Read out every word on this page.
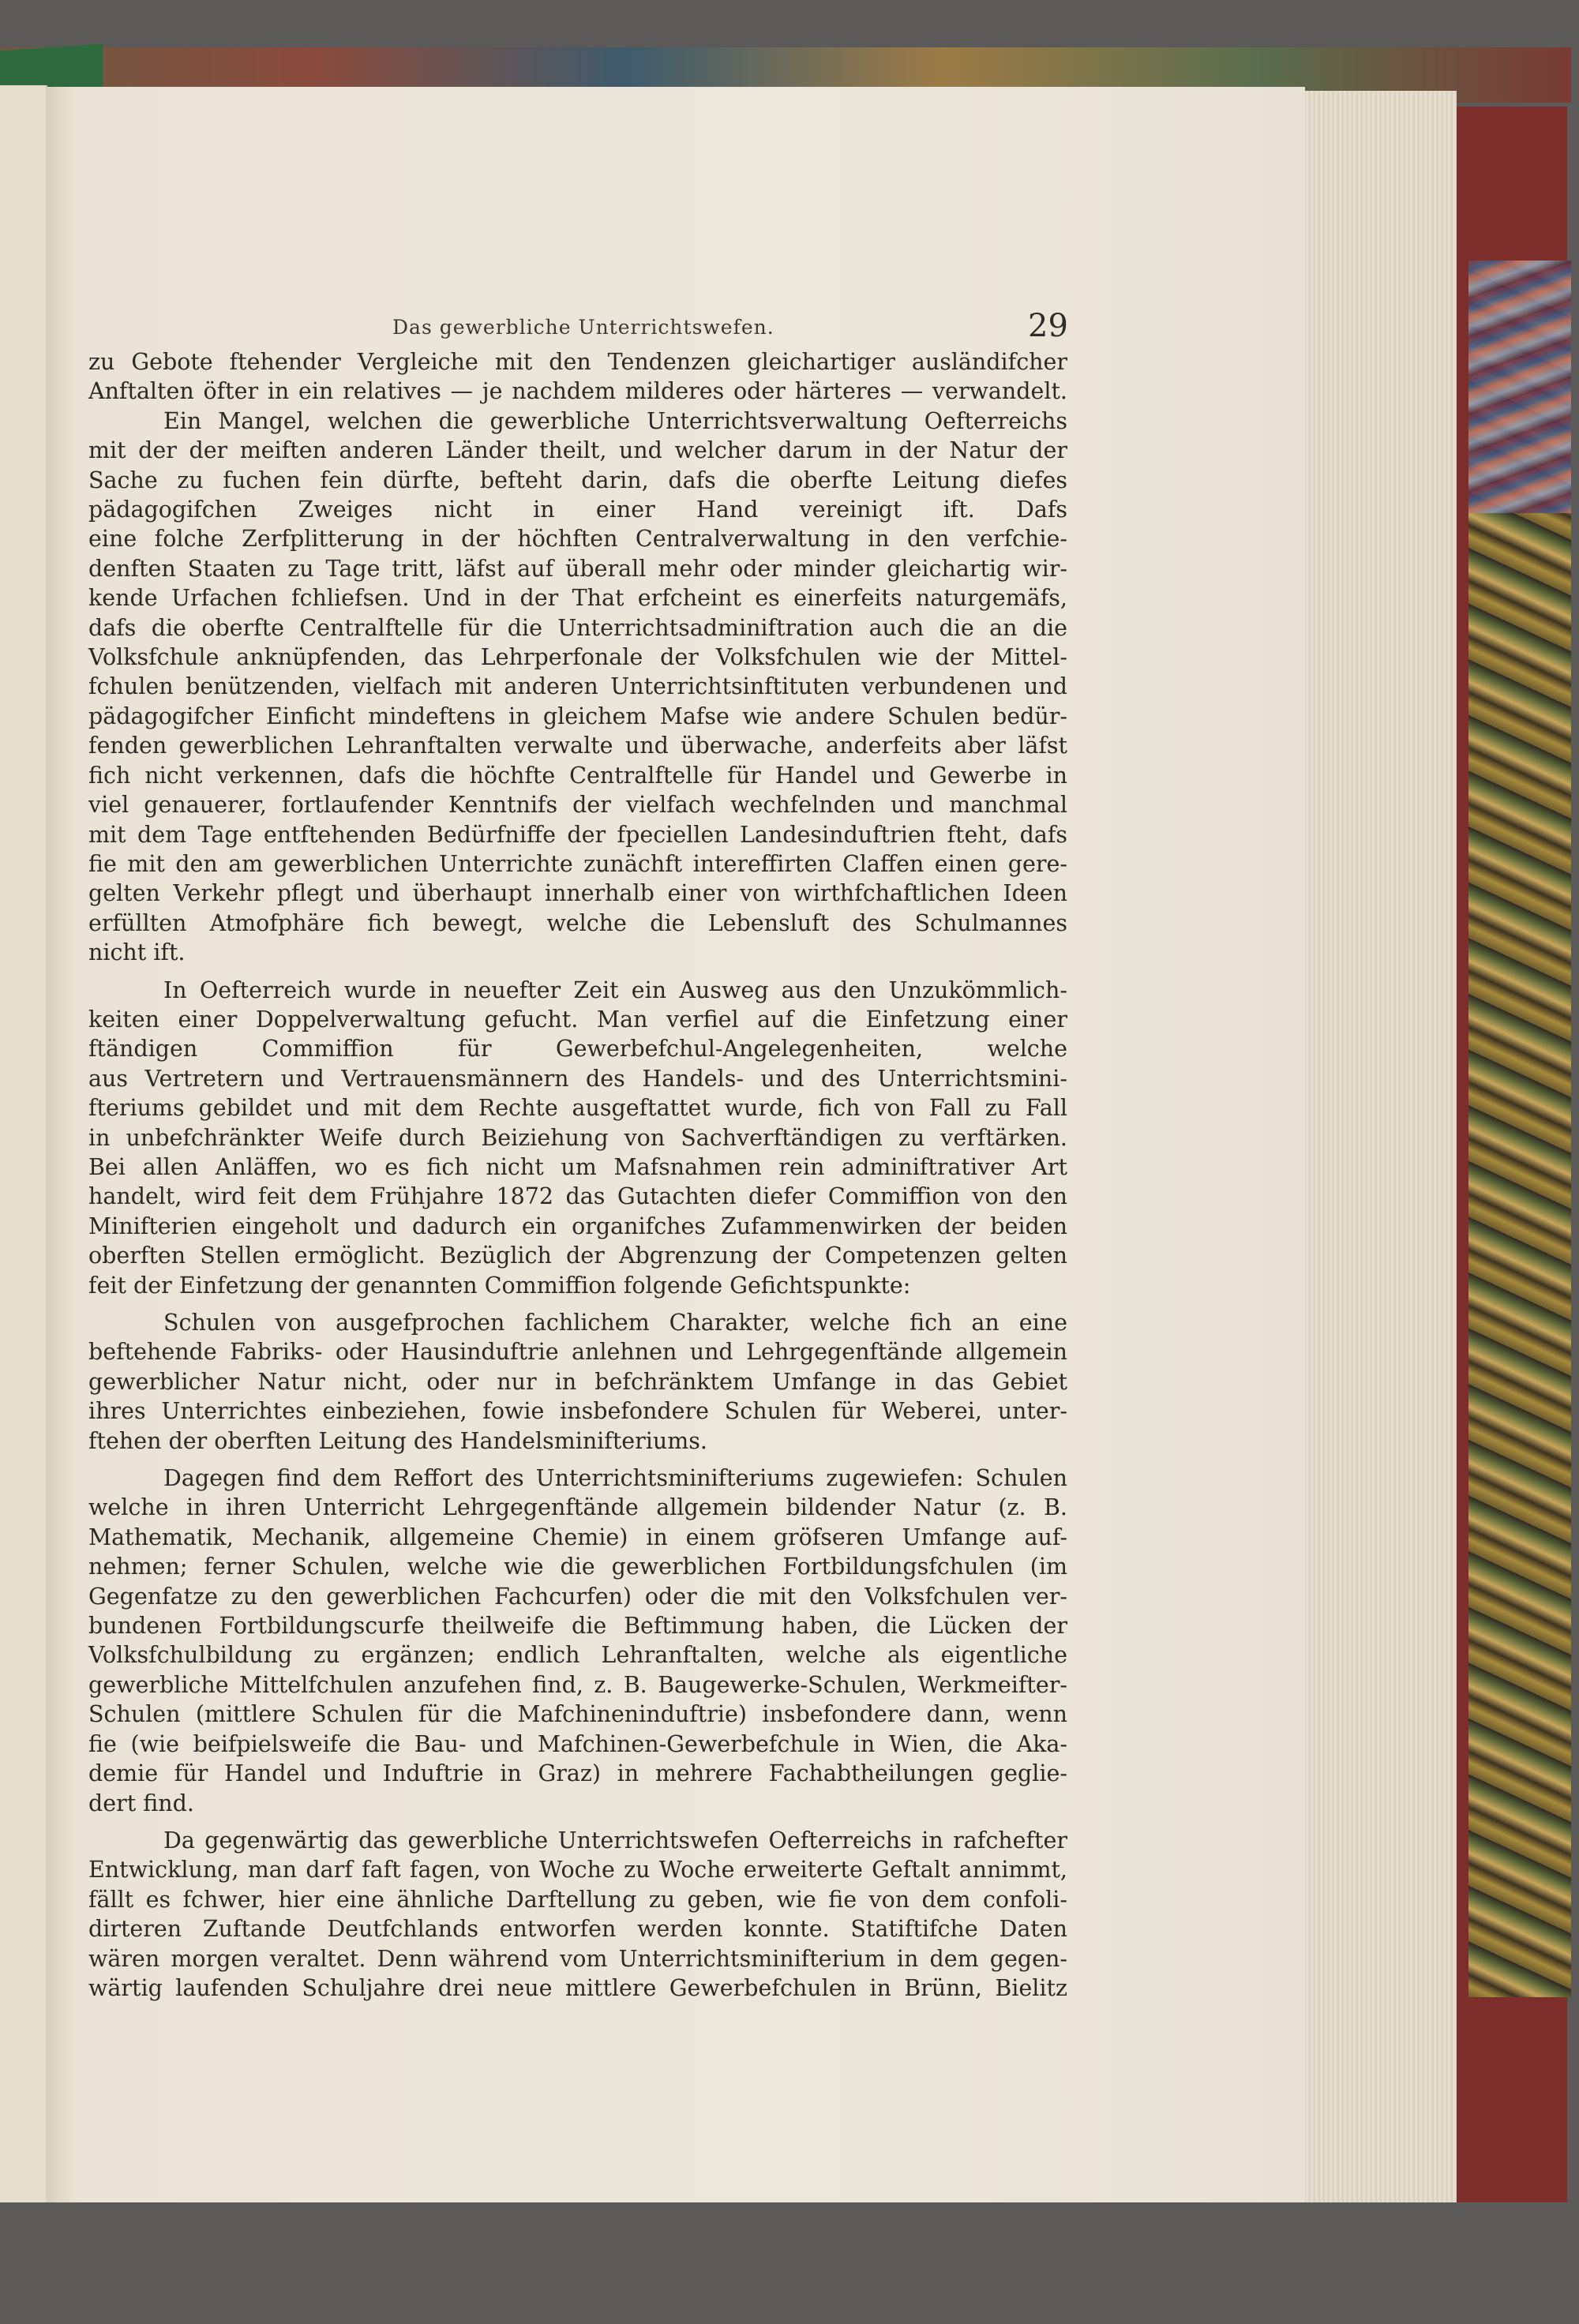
Das gewerbliche Unterrichtswefen.	29
zu Gebote ftehender Vergleiche mit den Tendenzen gleichartiger ausländifcher
Anftalten öfter in ein relatives — je nachdem milderes oder härteres — verwandelt.
Ein Mangel, welchen die gewerbliche Unterrichtsverwaltung Oefterreichs
mit der der meiften anderen Länder theilt, und welcher darum in der Natur der
Sache zu fuchen fein dürfte, befteht darin, dafs die oberfte Leitung diefes
pädagogifchen Zweiges nicht in einer Hand vereinigt ift. Dafs
eine folche Zerfplitterung in der höchften Centralverwaltung in den verfchie-
denften Staaten zu Tage tritt, läfst auf überall mehr oder minder gleichartig wir-
kende Urfachen fchliefsen. Und in der That erfcheint es einerfeits naturgemäfs,
dafs die oberfte Centralftelle für die Unterrichtsadminiftration auch die an die
Volksfchule anknüpfenden, das Lehrperfonale der Volksfchulen wie der Mittel-
fchulen benützenden, vielfach mit anderen Unterrichtsinftituten verbundenen und
pädagogifcher Einficht mindeftens in gleichem Mafse wie andere Schulen bedür-
fenden gewerblichen Lehranftalten verwalte und überwache, anderfeits aber läfst
fich nicht verkennen, dafs die höchfte Centralftelle für Handel und Gewerbe in
viel genauerer, fortlaufender Kenntnifs der vielfach wechfelnden und manchmal
mit dem Tage entftehenden Bedürfniffe der fpeciellen Landesinduftrien fteht, dafs
fie mit den am gewerblichen Unterrichte zunächft intereffirten Claffen einen gere-
gelten Verkehr pflegt und überhaupt innerhalb einer von wirthfchaftlichen Ideen
erfüllten Atmofphäre fich bewegt, welche die Lebensluft des Schulmannes
nicht ift.
In Oefterreich wurde in neuefter Zeit ein Ausweg aus den Unzukömmlich-
keiten einer Doppelverwaltung gefucht. Man verfiel auf die Einfetzung einer
ftändigen Commiffion für Gewerbefchul-Angelegenheiten, welche
aus Vertretern und Vertrauensmännern des Handels- und des Unterrichtsmini-
fteriums gebildet und mit dem Rechte ausgeftattet wurde, fich von Fall zu Fall
in unbefchränkter Weife durch Beiziehung von Sachverftändigen zu verftärken.
Bei allen Anläffen, wo es fich nicht um Mafsnahmen rein adminiftrativer Art
handelt, wird feit dem Frühjahre 1872 das Gutachten diefer Commiffion von den
Minifterien eingeholt und dadurch ein organifches Zufammenwirken der beiden
oberften Stellen ermöglicht. Bezüglich der Abgrenzung der Competenzen gelten
feit der Einfetzung der genannten Commiffion folgende Gefichtspunkte:
Schulen von ausgefprochen fachlichem Charakter, welche fich an eine
beftehende Fabriks- oder Hausinduftrie anlehnen und Lehrgegenftände allgemein
gewerblicher Natur nicht, oder nur in befchränktem Umfange in das Gebiet
ihres Unterrichtes einbeziehen, fowie insbefondere Schulen für Weberei, unter-
ftehen der oberften Leitung des Handelsminifteriums.
Dagegen find dem Reffort des Unterrichtsminifteriums zugewiefen: Schulen
welche in ihren Unterricht Lehrgegenftände allgemein bildender Natur (z. B.
Mathematik, Mechanik, allgemeine Chemie) in einem gröfseren Umfange auf-
nehmen; ferner Schulen, welche wie die gewerblichen Fortbildungsfchulen (im
Gegenfatze zu den gewerblichen Fachcurfen) oder die mit den Volksfchulen ver-
bundenen Fortbildungscurfe theilweife die Beftimmung haben, die Lücken der
Volksfchulbildung zu ergänzen; endlich Lehranftalten, welche als eigentliche
gewerbliche Mittelfchulen anzufehen find, z. B. Baugewerke-Schulen, Werkmeifter-
Schulen (mittlere Schulen für die Mafchineninduftrie) insbefondere dann, wenn
fie (wie beifpielsweife die Bau- und Mafchinen-Gewerbefchule in Wien, die Aka-
demie für Handel und Induftrie in Graz) in mehrere Fachabtheilungen geglie-
dert find.
Da gegenwärtig das gewerbliche Unterrichtswefen Oefterreichs in rafchefter
Entwicklung, man darf faft fagen, von Woche zu Woche erweiterte Geftalt annimmt,
fällt es fchwer, hier eine ähnliche Darftellung zu geben, wie fie von dem confoli-
dirteren Zuftande Deutfchlands entworfen werden konnte. Statiftifche Daten
wären morgen veraltet. Denn während vom Unterrichtsminifterium in dem gegen-
wärtig laufenden Schuljahre drei neue mittlere Gewerbefchulen in Brünn, Bielitz
